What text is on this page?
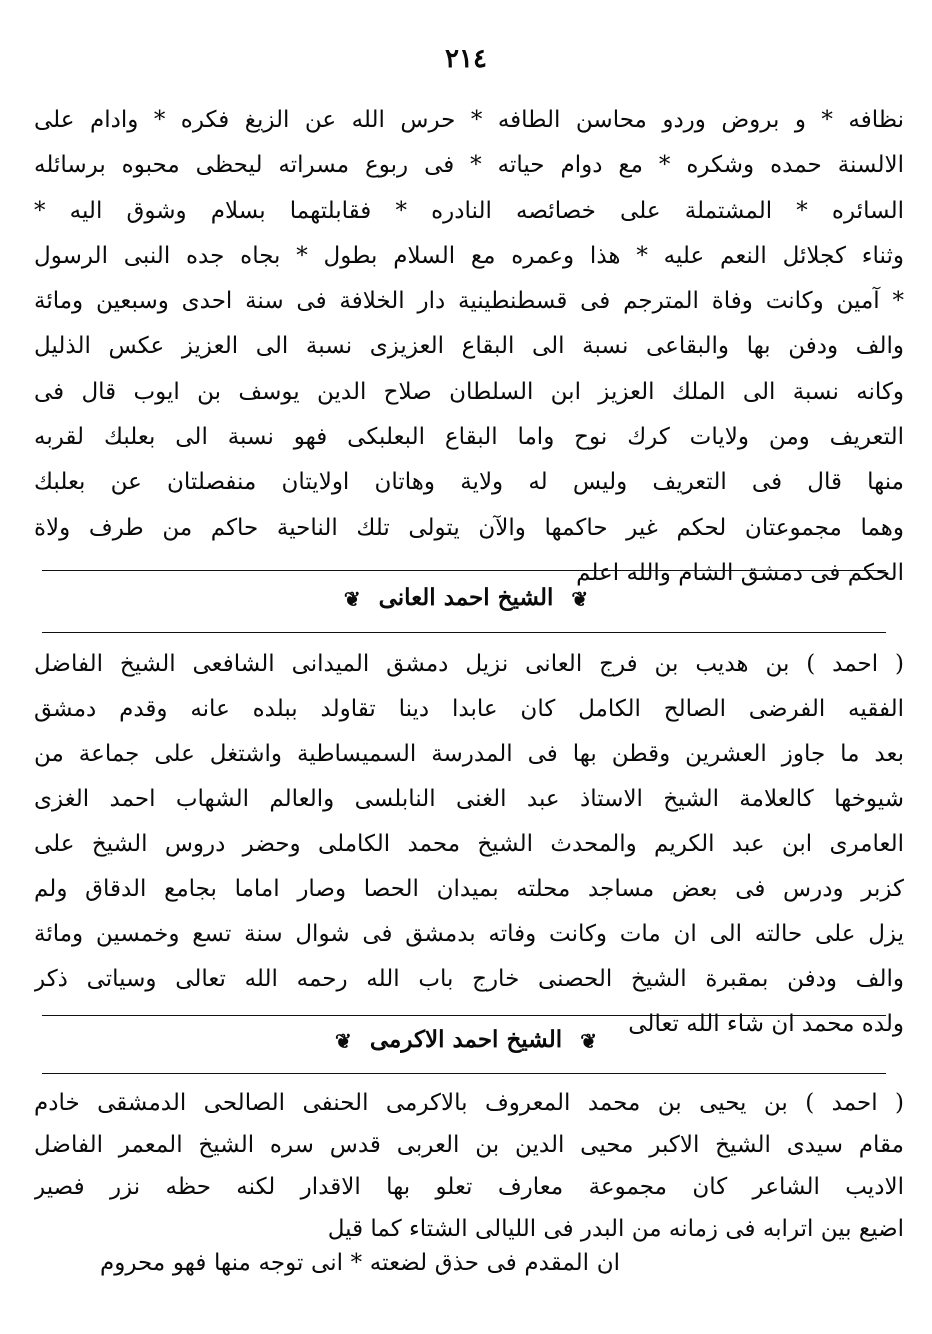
٢١٤
نظافه * و بروض وردو محاسن الطافه * حرس الله عن الزيغ فكره * وادام على
الالسنة حمده وشكره * مع دوام حياته * فى ربوع مسراته ليحظى محبوه برسائله
السائره * المشتملة على خصائصه النادره * فقابلتهما بسلام وشوق اليه *
وثناء كجلائل النعم عليه * هذا وعمره مع السلام بطول * بجاه جده النبى الرسول
* آمين وكانت وفاة المترجم فى قسطنطينية دار الخلافة فى سنة احدى وسبعين ومائة
والف ودفن بها والبقاعى نسبة الى البقاع العزيزى نسبة الى العزيز عكس الذليل
وكانه نسبة الى الملك العزيز ابن السلطان صلاح الدين يوسف بن ايوب قال فى
التعريف ومن ولايات كرك نوح واما البقاع البعلبكى فهو نسبة الى بعلبك لقربه
منها قال فى التعريف وليس له ولاية وهاتان اولايتان منفصلتان عن بعلبك
وهما مجموعتان لحكم غير حاكمها والآن يتولى تلك الناحية حاكم من طرف ولاة
الحكم فى دمشق الشام والله اعلم
❦ الشيخ احمد العانى ❦
( احمد ) بن هديب بن فرج العانى نزيل دمشق الميدانى الشافعى الشيخ الفاضل
الفقيه الفرضى الصالح الكامل كان عابدا دينا تقاولد ببلده عانه وقدم دمشق
بعد ما جاوز العشرين وقطن بها فى المدرسة السميساطية واشتغل على جماعة من
شيوخها كالعلامة الشيخ الاستاذ عبد الغنى النابلسى والعالم الشهاب احمد الغزى
العامرى ابن عبد الكريم والمحدث الشيخ محمد الكاملى وحضر دروس الشيخ على
كزبر ودرس فى بعض مساجد محلته بميدان الحصا وصار اماما بجامع الدقاق ولم
يزل على حالته الى ان مات وكانت وفاته بدمشق فى شوال سنة تسع وخمسين ومائة
والف ودفن بمقبرة الشيخ الحصنى خارج باب الله رحمه الله تعالى وسياتى ذكر
ولده محمد ان شاء الله تعالى
❦ الشيخ احمد الاكرمى ❦
( احمد ) بن يحيى بن محمد المعروف بالاكرمى الحنفى الصالحى الدمشقى خادم
مقام سيدى الشيخ الاكبر محيى الدين بن العربى قدس سره الشيخ المعمر الفاضل
الاديب الشاعر كان مجموعة معارف تعلو بها الاقدار لكنه حظه نزر فصير
اضيع بين اترابه فى زمانه من البدر فى الليالى الشتاء كما قيل
ان المقدم فى حذق لضعته * انى توجه منها فهو محروم
